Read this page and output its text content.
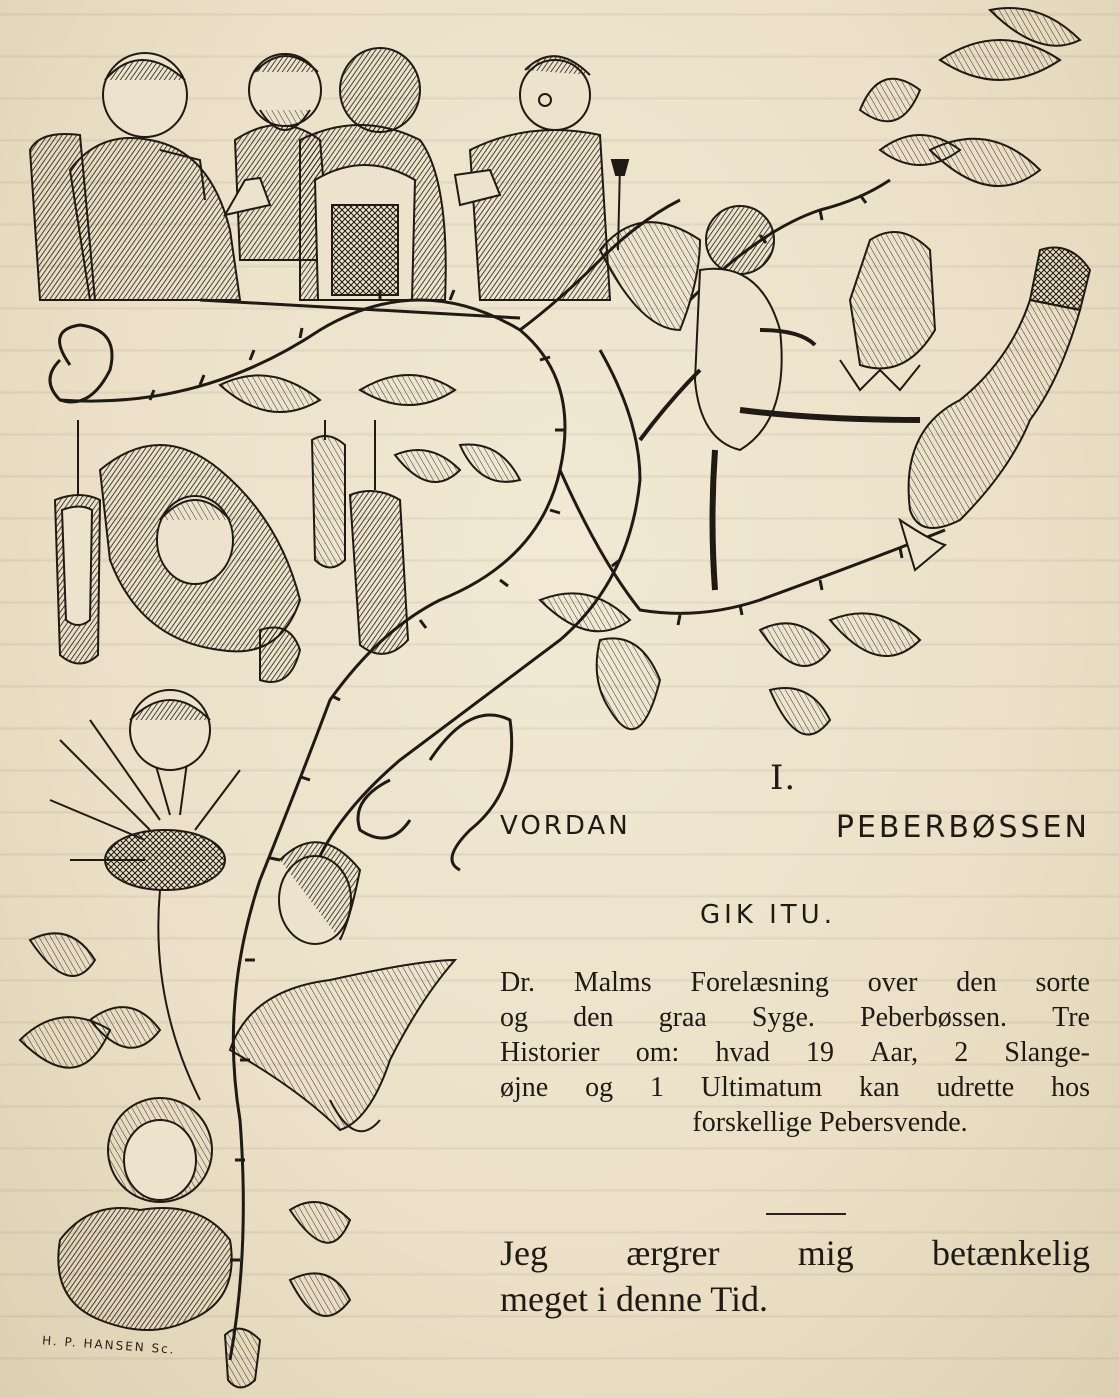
I.
VORDAN	PEBERBØSSEN
GIK ITU.
Dr. Malms Forelæsning over den sorte
og den graa Syge. Peberbøssen. Tre
Historier om: hvad 19 Aar, 2 Slange-
øjne og 1 Ultimatum kan udrette hos
forskellige Pebersvende.
Jeg ærgrer mig betænkelig
meget i denne Tid.
H. P. HANSEN Sc.
